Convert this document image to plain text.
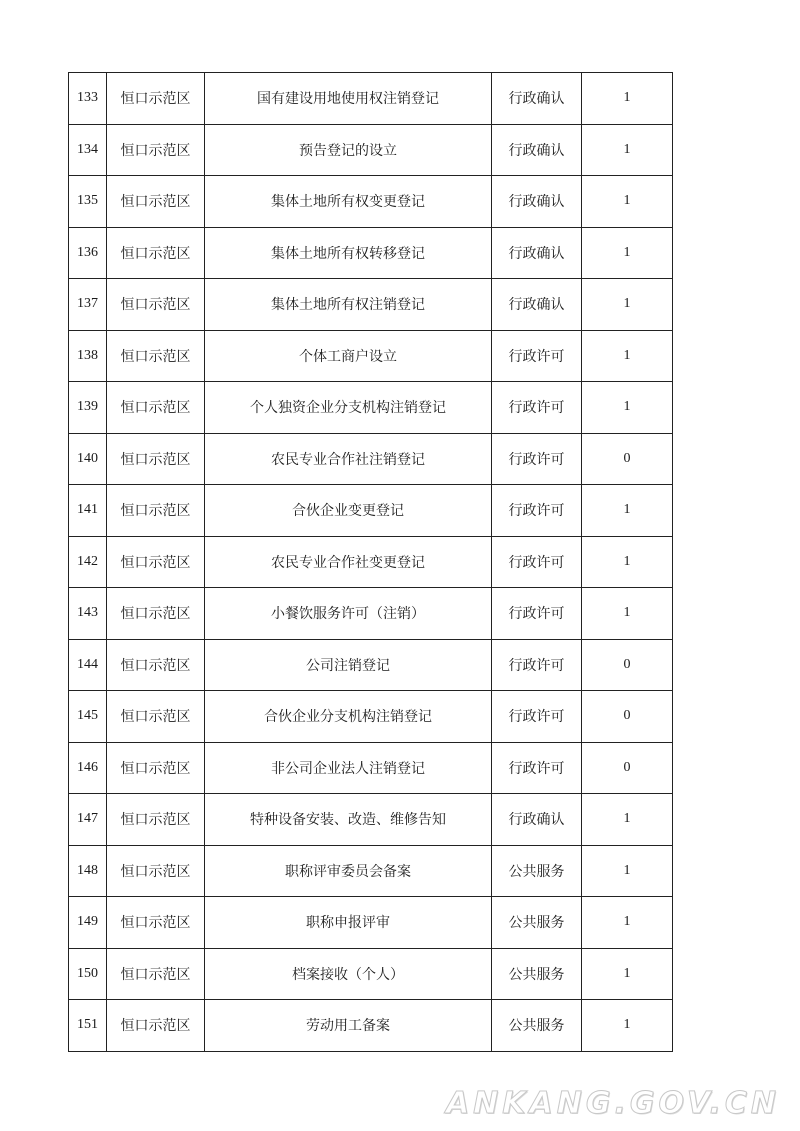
133	恒口示范区	国有建设用地使用权注销登记	行政确认	1
134	恒口示范区	预告登记的设立	行政确认	1
135	恒口示范区	集体土地所有权变更登记	行政确认	1
136	恒口示范区	集体土地所有权转移登记	行政确认	1
137	恒口示范区	集体土地所有权注销登记	行政确认	1
138	恒口示范区	个体工商户设立	行政许可	1
139	恒口示范区	个人独资企业分支机构注销登记	行政许可	1
140	恒口示范区	农民专业合作社注销登记	行政许可	0
141	恒口示范区	合伙企业变更登记	行政许可	1
142	恒口示范区	农民专业合作社变更登记	行政许可	1
143	恒口示范区	小餐饮服务许可（注销）	行政许可	1
144	恒口示范区	公司注销登记	行政许可	0
145	恒口示范区	合伙企业分支机构注销登记	行政许可	0
146	恒口示范区	非公司企业法人注销登记	行政许可	0
147	恒口示范区	特种设备安装、改造、维修告知	行政确认	1
148	恒口示范区	职称评审委员会备案	公共服务	1
149	恒口示范区	职称申报评审	公共服务	1
150	恒口示范区	档案接收（个人）	公共服务	1
151	恒口示范区	劳动用工备案	公共服务	1
ANKANG.GOV.CN
